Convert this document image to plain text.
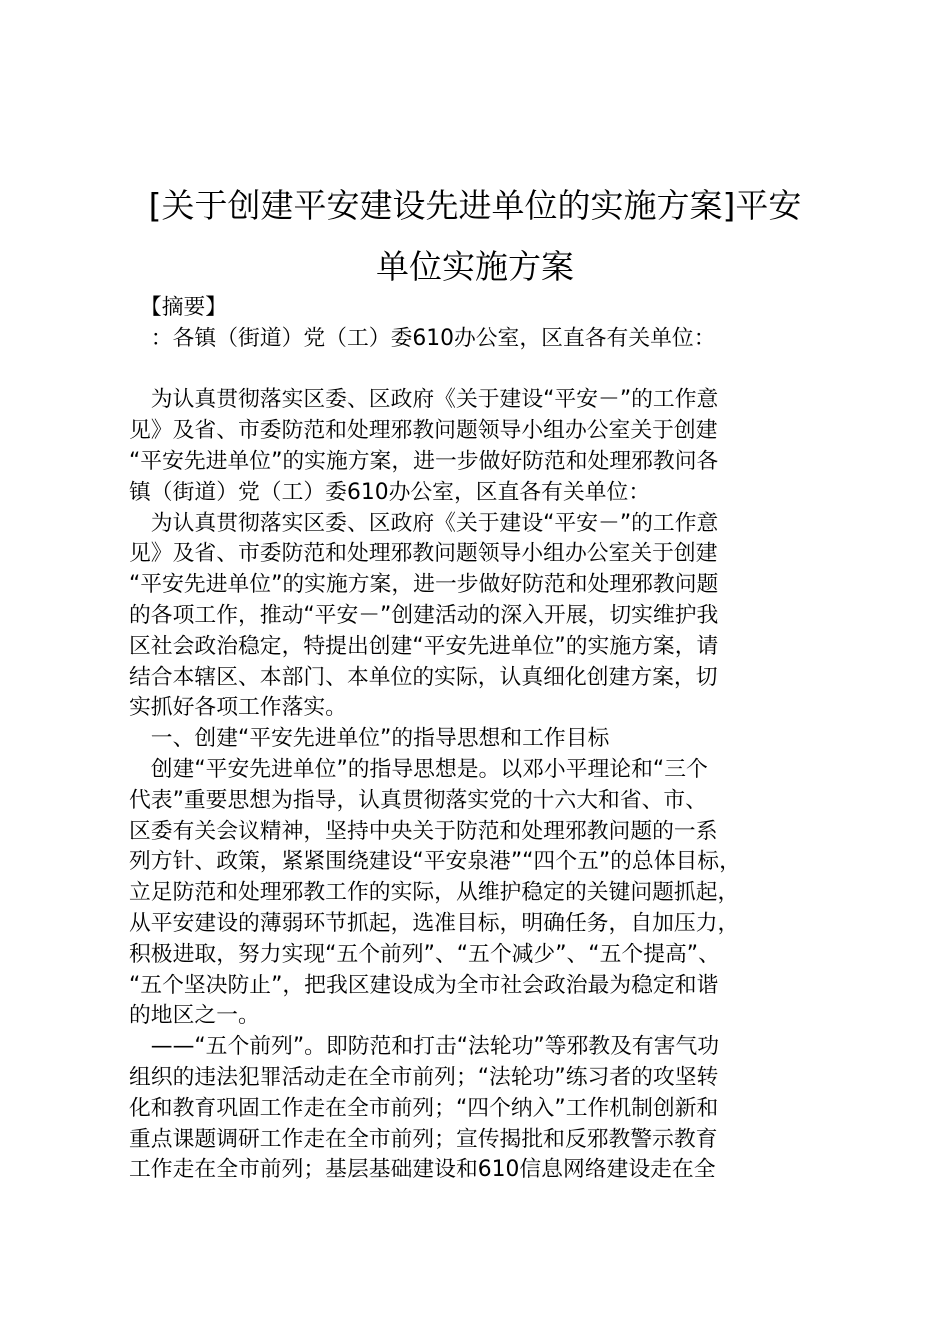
[关于创建平安建设先进单位的实施方案]平安
单位实施方案
　【摘要】
　：各镇（街道）党（工）委610办公室，区直各有关单位：
　为认真贯彻落实区委、区政府《关于建设“平安－”的工作意
见》及省、市委防范和处理邪教问题领导小组办公室关于创建
“平安先进单位”的实施方案，进一步做好防范和处理邪教问各
镇（街道）党（工）委610办公室，区直各有关单位：
　为认真贯彻落实区委、区政府《关于建设“平安－”的工作意
见》及省、市委防范和处理邪教问题领导小组办公室关于创建
“平安先进单位”的实施方案，进一步做好防范和处理邪教问题
的各项工作，推动“平安－”创建活动的深入开展，切实维护我
区社会政治稳定，特提出创建“平安先进单位”的实施方案，请
结合本辖区、本部门、本单位的实际，认真细化创建方案，切
实抓好各项工作落实。
　一、创建“平安先进单位”的指导思想和工作目标
　创建“平安先进单位”的指导思想是。以邓小平理论和“三个
代表”重要思想为指导，认真贯彻落实党的十六大和省、市、
区委有关会议精神，坚持中央关于防范和处理邪教问题的一系
列方针、政策，紧紧围绕建设“平安泉港”“四个五”的总体目标，
立足防范和处理邪教工作的实际，从维护稳定的关键问题抓起，
从平安建设的薄弱环节抓起，选准目标，明确任务，自加压力，
积极进取，努力实现“五个前列”、“五个减少”、“五个提高”、
“五个坚决防止”，把我区建设成为全市社会政治最为稳定和谐
的地区之一。
　——“五个前列”。即防范和打击“法轮功”等邪教及有害气功
组织的违法犯罪活动走在全市前列；“法轮功”练习者的攻坚转
化和教育巩固工作走在全市前列；“四个纳入”工作机制创新和
重点课题调研工作走在全市前列；宣传揭批和反邪教警示教育
工作走在全市前列；基层基础建设和610信息网络建设走在全
